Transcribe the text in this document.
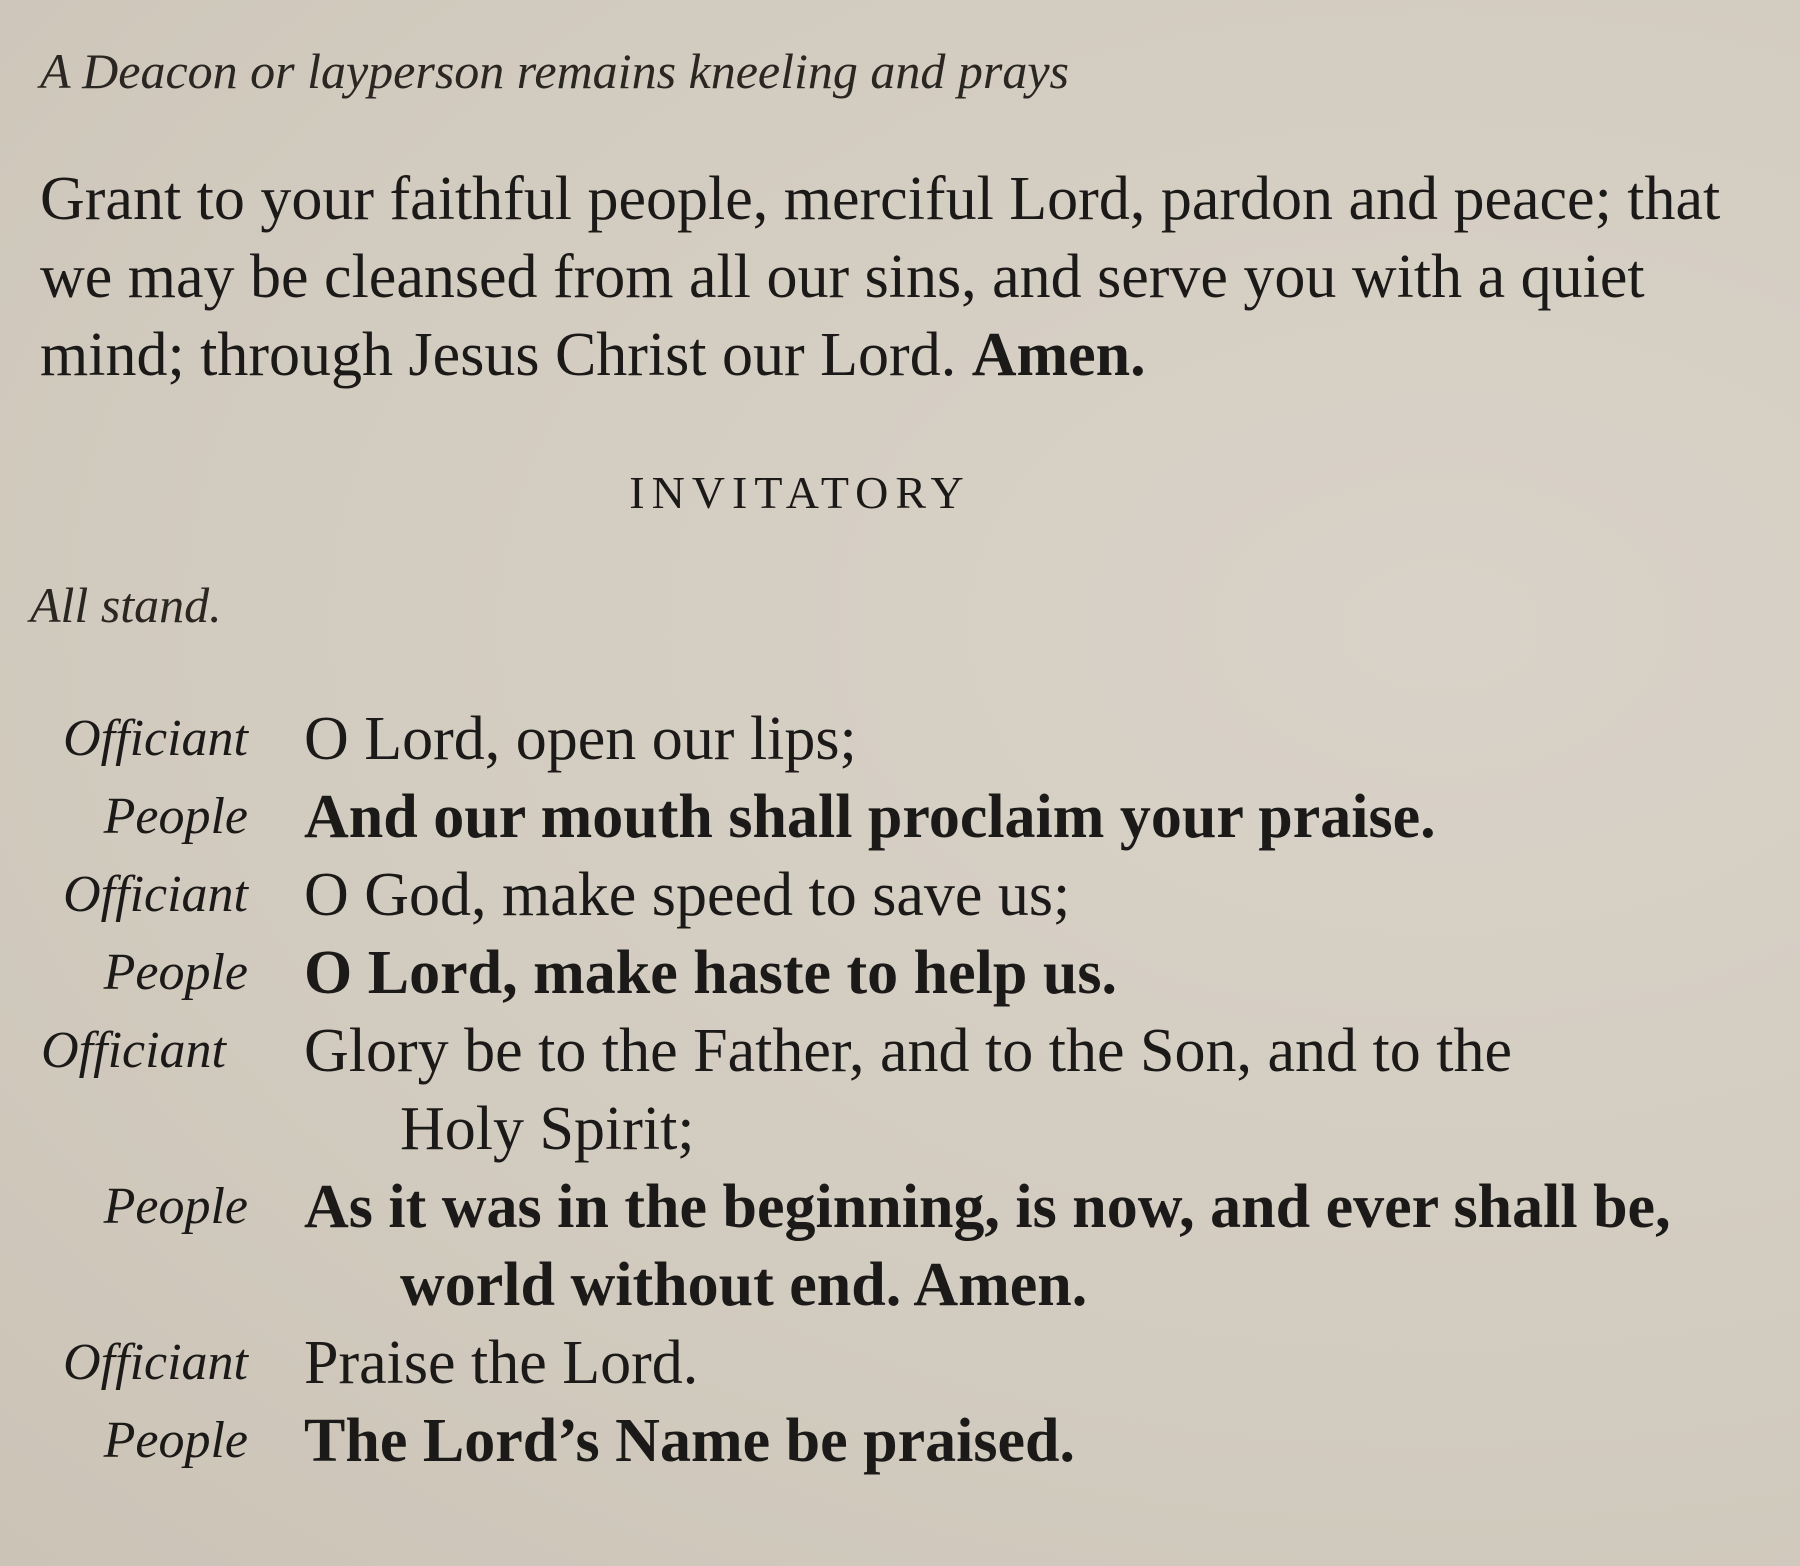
A Deacon or layperson remains kneeling and prays
Grant to your faithful people, merciful Lord, pardon and peace; that we may be cleansed from all our sins, and serve you with a quiet mind; through Jesus Christ our Lord. Amen.
INVITATORY
All stand.
Officiant O Lord, open our lips;
People And our mouth shall proclaim your praise.
Officiant O God, make speed to save us;
People O Lord, make haste to help us.
Officiant Glory be to the Father, and to the Son, and to the
Holy Spirit;
People As it was in the beginning, is now, and ever shall be,
world without end. Amen.
Officiant Praise the Lord.
People The Lord’s Name be praised.
